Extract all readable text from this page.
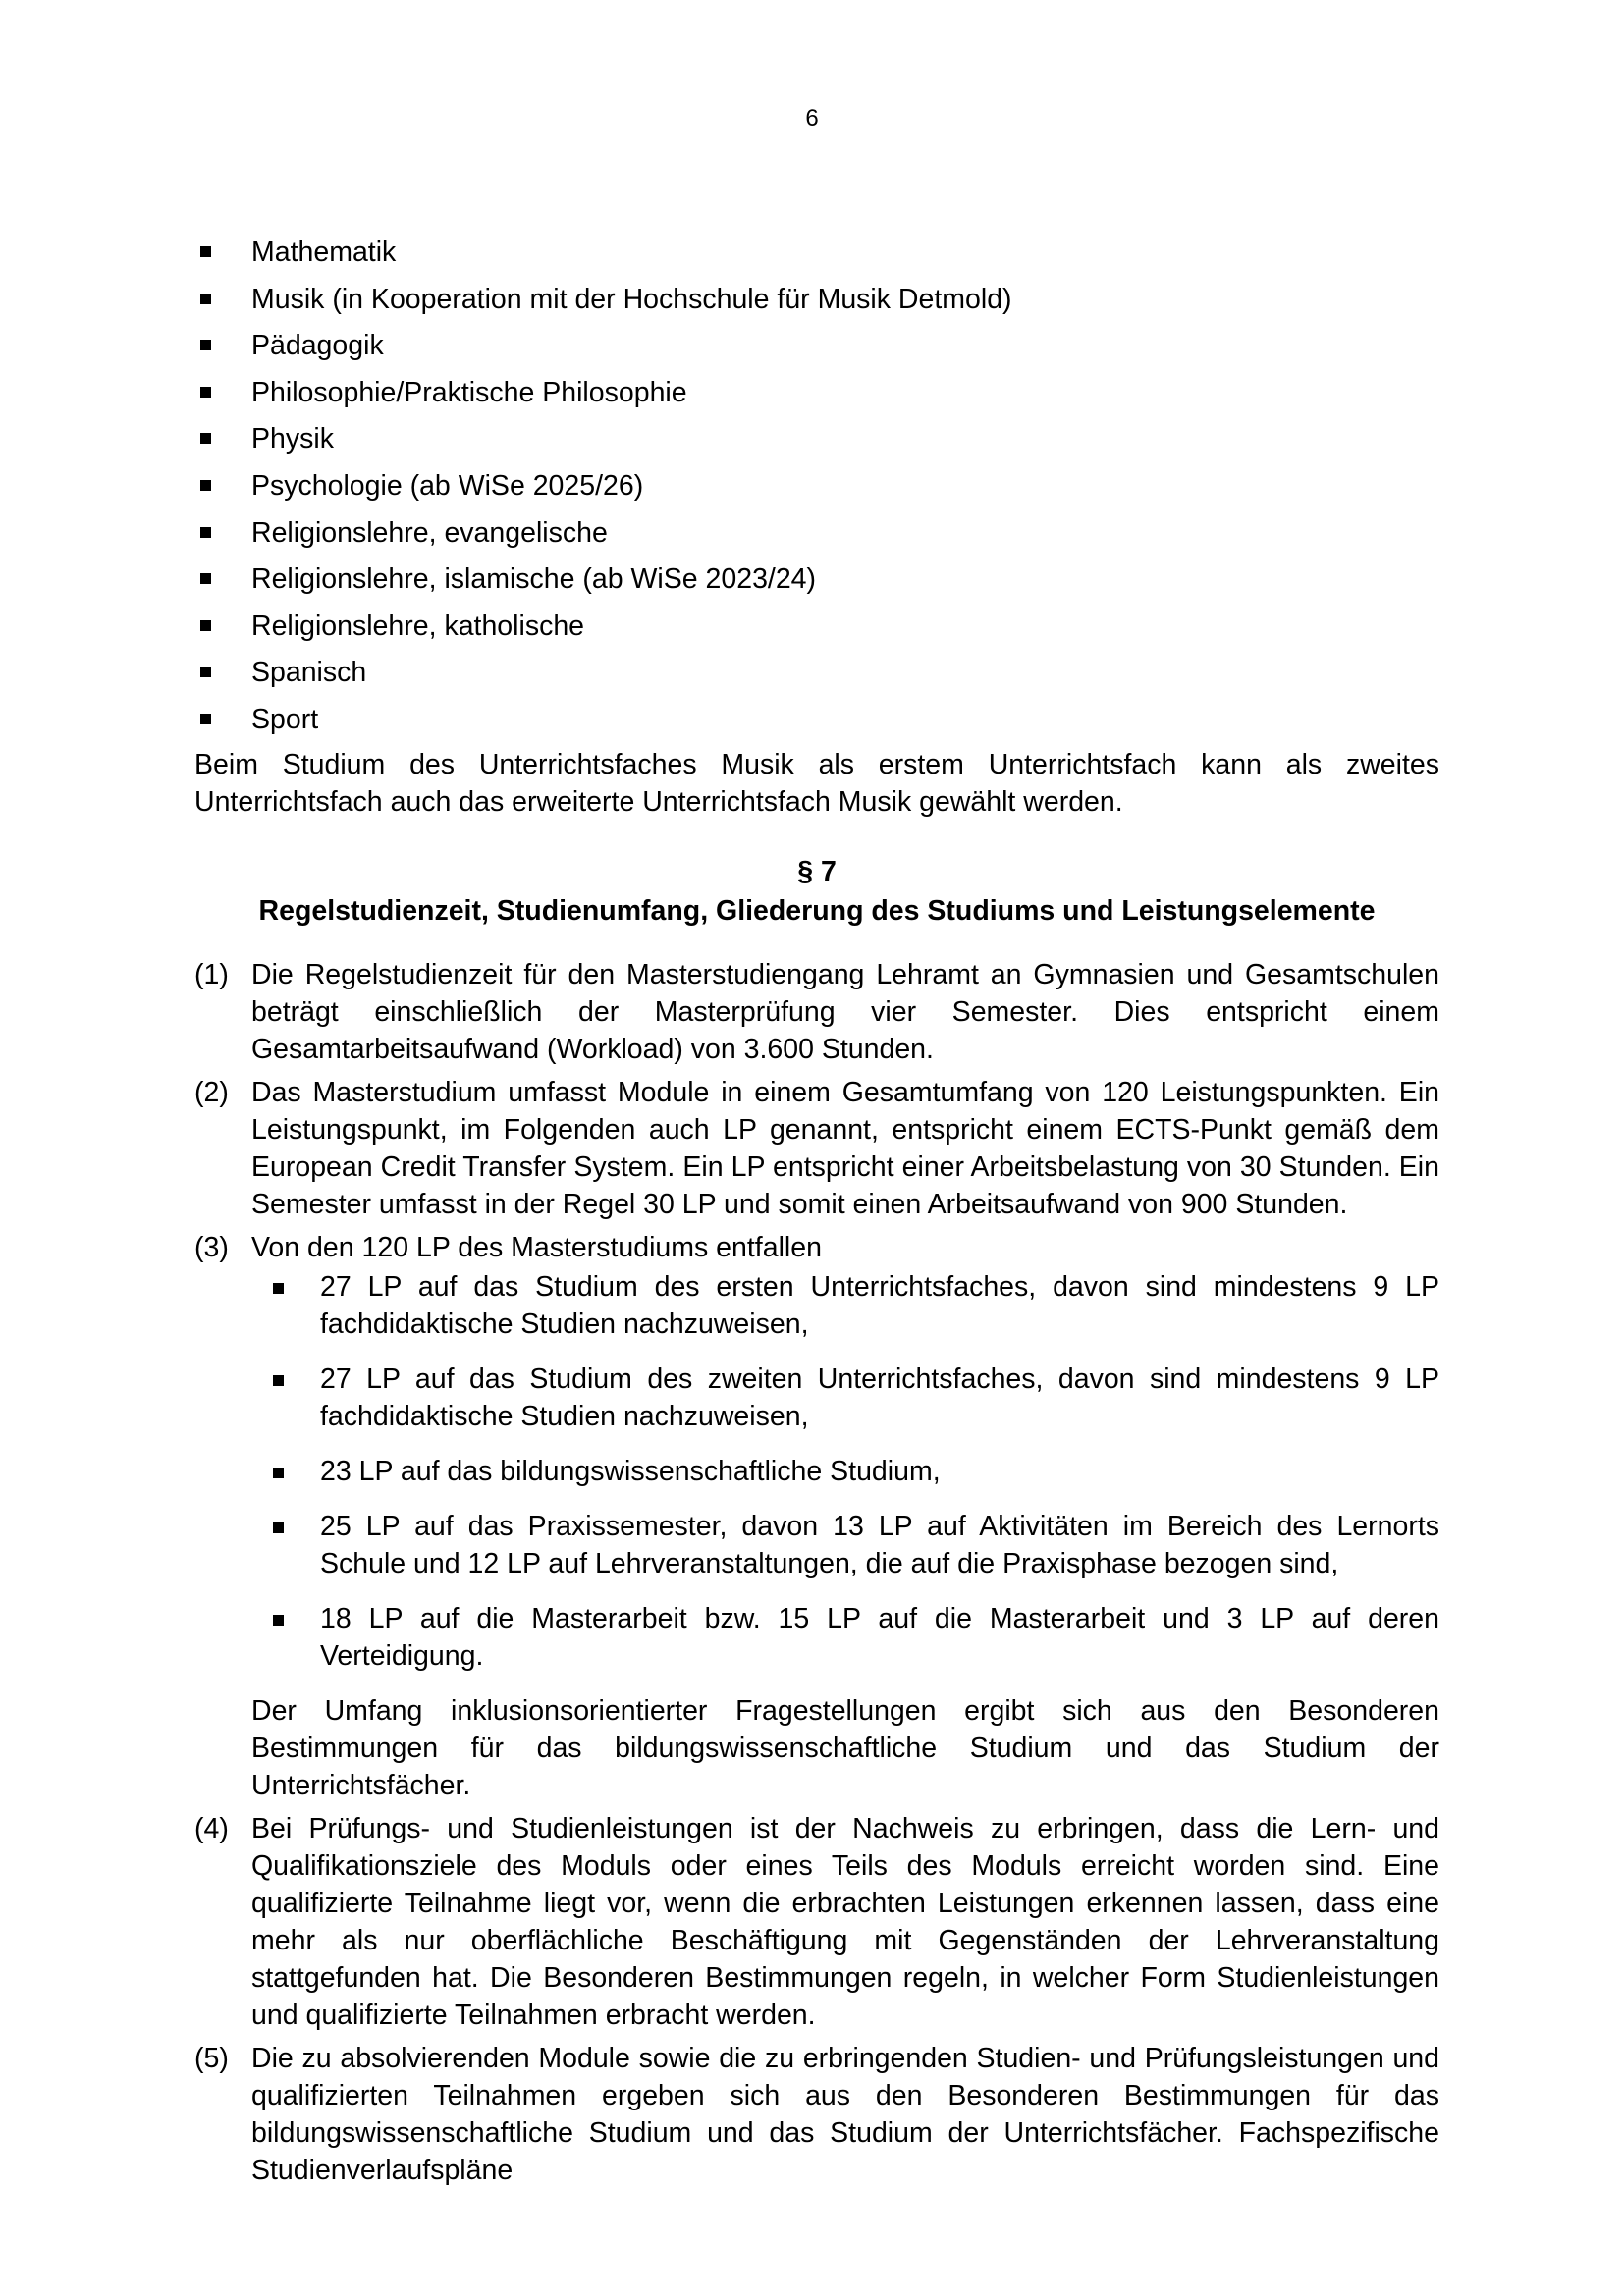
6
Mathematik
Musik (in Kooperation mit der Hochschule für Musik Detmold)
Pädagogik
Philosophie/Praktische Philosophie
Physik
Psychologie (ab WiSe 2025/26)
Religionslehre, evangelische
Religionslehre, islamische (ab WiSe 2023/24)
Religionslehre, katholische
Spanisch
Sport

Beim Studium des Unterrichtsfaches Musik als erstem Unterrichtsfach kann als zweites Unterrichtsfach auch das erweiterte Unterrichtsfach Musik gewählt werden.

§ 7
Regelstudienzeit, Studienumfang, Gliederung des Studiums und Leistungselemente
(1) Die Regelstudienzeit für den Masterstudiengang Lehramt an Gymnasien und Gesamtschulen beträgt einschließlich der Masterprüfung vier Semester. Dies entspricht einem Gesamtarbeitsaufwand (Workload) von 3.600 Stunden.

(2) Das Masterstudium umfasst Module in einem Gesamtumfang von 120 Leistungspunkten. Ein Leistungspunkt, im Folgenden auch LP genannt, entspricht einem ECTS-Punkt gemäß dem European Credit Transfer System. Ein LP entspricht einer Arbeitsbelastung von 30 Stunden. Ein Semester umfasst in der Regel 30 LP und somit einen Arbeitsaufwand von 900 Stunden.

(3) Von den 120 LP des Masterstudiums entfallen

27 LP auf das Studium des ersten Unterrichtsfaches, davon sind mindestens 9 LP fachdidaktische Studien nachzuweisen,
27 LP auf das Studium des zweiten Unterrichtsfaches, davon sind mindestens 9 LP fachdidaktische Studien nachzuweisen,
23 LP auf das bildungswissenschaftliche Studium,
25 LP auf das Praxissemester, davon 13 LP auf Aktivitäten im Bereich des Lernorts Schule und 12 LP auf Lehrveranstaltungen, die auf die Praxisphase bezogen sind,
18 LP auf die Masterarbeit bzw. 15 LP auf die Masterarbeit und 3 LP auf deren Verteidigung.

Der Umfang inklusionsorientierter Fragestellungen ergibt sich aus den Besonderen Bestimmungen für das bildungswissenschaftliche Studium und das Studium der Unterrichtsfächer.

(4) Bei Prüfungs- und Studienleistungen ist der Nachweis zu erbringen, dass die Lern- und Qualifikationsziele des Moduls oder eines Teils des Moduls erreicht worden sind. Eine qualifizierte Teilnahme liegt vor, wenn die erbrachten Leistungen erkennen lassen, dass eine mehr als nur oberflächliche Beschäftigung mit Gegenständen der Lehrveranstaltung stattgefunden hat. Die Besonderen Bestimmungen regeln, in welcher Form Studienleistungen und qualifizierte Teilnahmen erbracht werden.

(5) Die zu absolvierenden Module sowie die zu erbringenden Studien- und Prüfungsleistungen und qualifizierten Teilnahmen ergeben sich aus den Besonderen Bestimmungen für das bildungswissenschaftliche Studium und das Studium der Unterrichtsfächer. Fachspezifische Studienverlaufspläne
